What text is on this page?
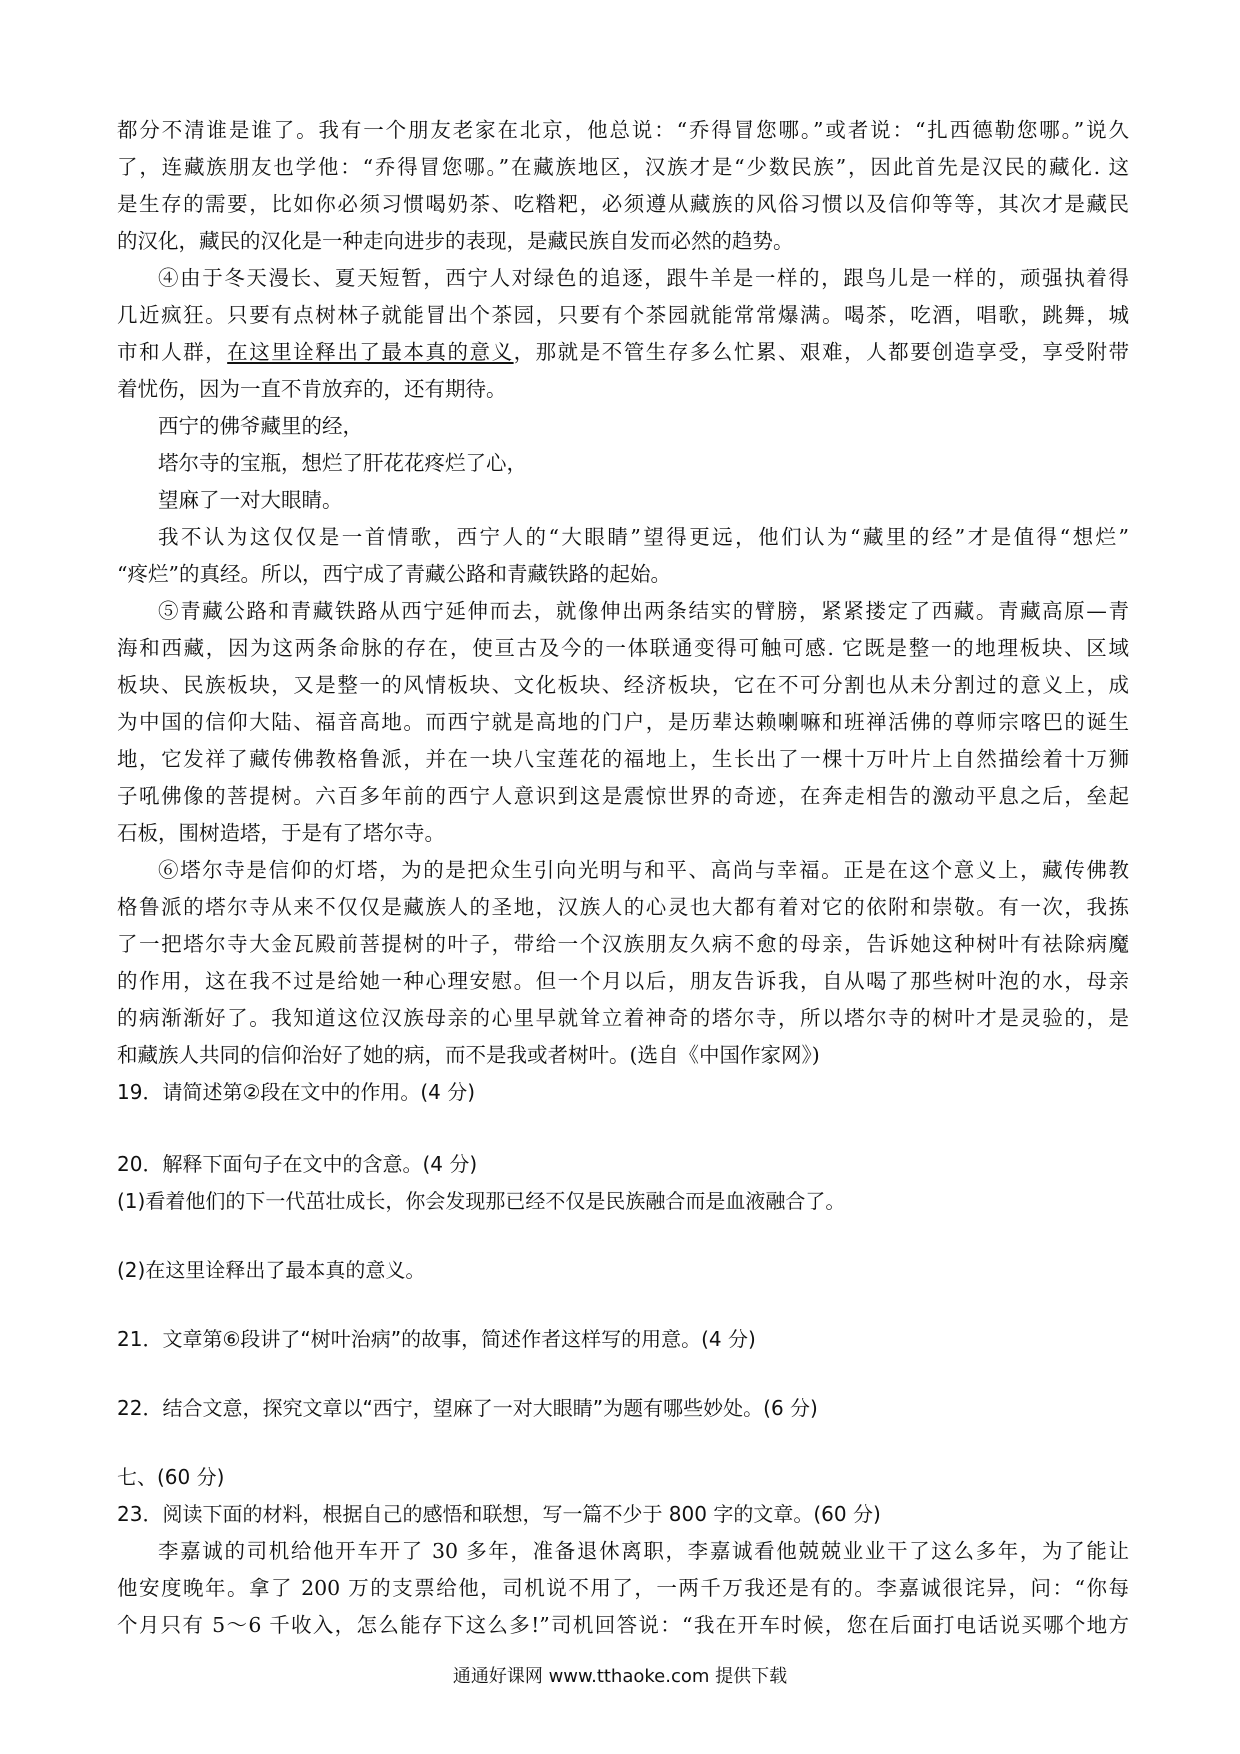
都分不清谁是谁了。我有一个朋友老家在北京，他总说：“乔得冒您哪。”或者说：“扎西德勒您哪。”说久
了，连藏族朋友也学他：“乔得冒您哪。”在藏族地区，汉族才是“少数民族”，因此首先是汉民的藏化. 这
是生存的需要，比如你必须习惯喝奶茶、吃糌粑，必须遵从藏族的风俗习惯以及信仰等等，其次才是藏民
的汉化，藏民的汉化是一种走向进步的表现，是藏民族自发而必然的趋势。
④由于冬天漫长、夏天短暂，西宁人对绿色的追逐，跟牛羊是一样的，跟鸟儿是一样的，顽强执着得
几近疯狂。只要有点树林子就能冒出个茶园，只要有个茶园就能常常爆满。喝茶，吃酒，唱歌，跳舞，城
市和人群，在这里诠释出了最本真的意义，那就是不管生存多么忙累、艰难，人都要创造享受，享受附带
着忧伤，因为一直不肯放弃的，还有期待。
西宁的佛爷藏里的经，
塔尔寺的宝瓶，想烂了肝花花疼烂了心，
望麻了一对大眼睛。
我不认为这仅仅是一首情歌，西宁人的“大眼睛”望得更远，他们认为“藏里的经”才是值得“想烂”
“疼烂”的真经。所以，西宁成了青藏公路和青藏铁路的起始。
⑤青藏公路和青藏铁路从西宁延伸而去，就像伸出两条结实的臂膀，紧紧搂定了西藏。青藏高原—青
海和西藏，因为这两条命脉的存在，使亘古及今的一体联通变得可触可感. 它既是整一的地理板块、区域
板块、民族板块，又是整一的风情板块、文化板块、经济板块，它在不可分割也从未分割过的意义上，成
为中国的信仰大陆、福音高地。而西宁就是高地的门户，是历辈达赖喇嘛和班禅活佛的尊师宗喀巴的诞生
地，它发祥了藏传佛教格鲁派，并在一块八宝莲花的福地上，生长出了一棵十万叶片上自然描绘着十万狮
子吼佛像的菩提树。六百多年前的西宁人意识到这是震惊世界的奇迹，在奔走相告的激动平息之后，垒起
石板，围树造塔，于是有了塔尔寺。
⑥塔尔寺是信仰的灯塔，为的是把众生引向光明与和平、高尚与幸福。正是在这个意义上，藏传佛教
格鲁派的塔尔寺从来不仅仅是藏族人的圣地，汉族人的心灵也大都有着对它的依附和崇敬。有一次，我拣
了一把塔尔寺大金瓦殿前菩提树的叶子，带给一个汉族朋友久病不愈的母亲，告诉她这种树叶有祛除病魔
的作用，这在我不过是给她一种心理安慰。但一个月以后，朋友告诉我，自从喝了那些树叶泡的水，母亲
的病渐渐好了。我知道这位汉族母亲的心里早就耸立着神奇的塔尔寺，所以塔尔寺的树叶才是灵验的，是
和藏族人共同的信仰治好了她的病，而不是我或者树叶。(选自《中国作家网》)
19．请简述第②段在文中的作用。(4 分)
20．解释下面句子在文中的含意。(4 分)
(1)看着他们的下一代茁壮成长，你会发现那已经不仅是民族融合而是血液融合了。
(2)在这里诠释出了最本真的意义。
21．文章第⑥段讲了“树叶治病”的故事，简述作者这样写的用意。(4 分)
22．结合文意，探究文章以“西宁，望麻了一对大眼睛”为题有哪些妙处。(6 分)
七、(60 分)
23．阅读下面的材料，根据自己的感悟和联想，写一篇不少于 800 字的文章。(60 分)
李嘉诚的司机给他开车开了 30 多年，准备退休离职，李嘉诚看他兢兢业业干了这么多年，为了能让
他安度晚年。拿了 200 万的支票给他，司机说不用了，一两千万我还是有的。李嘉诚很诧异，问：“你每
个月只有 5～6 千收入，怎么能存下这么多!”司机回答说：“我在开车时候，您在后面打电话说买哪个地方
通通好课网 www.tthaoke.com 提供下载
